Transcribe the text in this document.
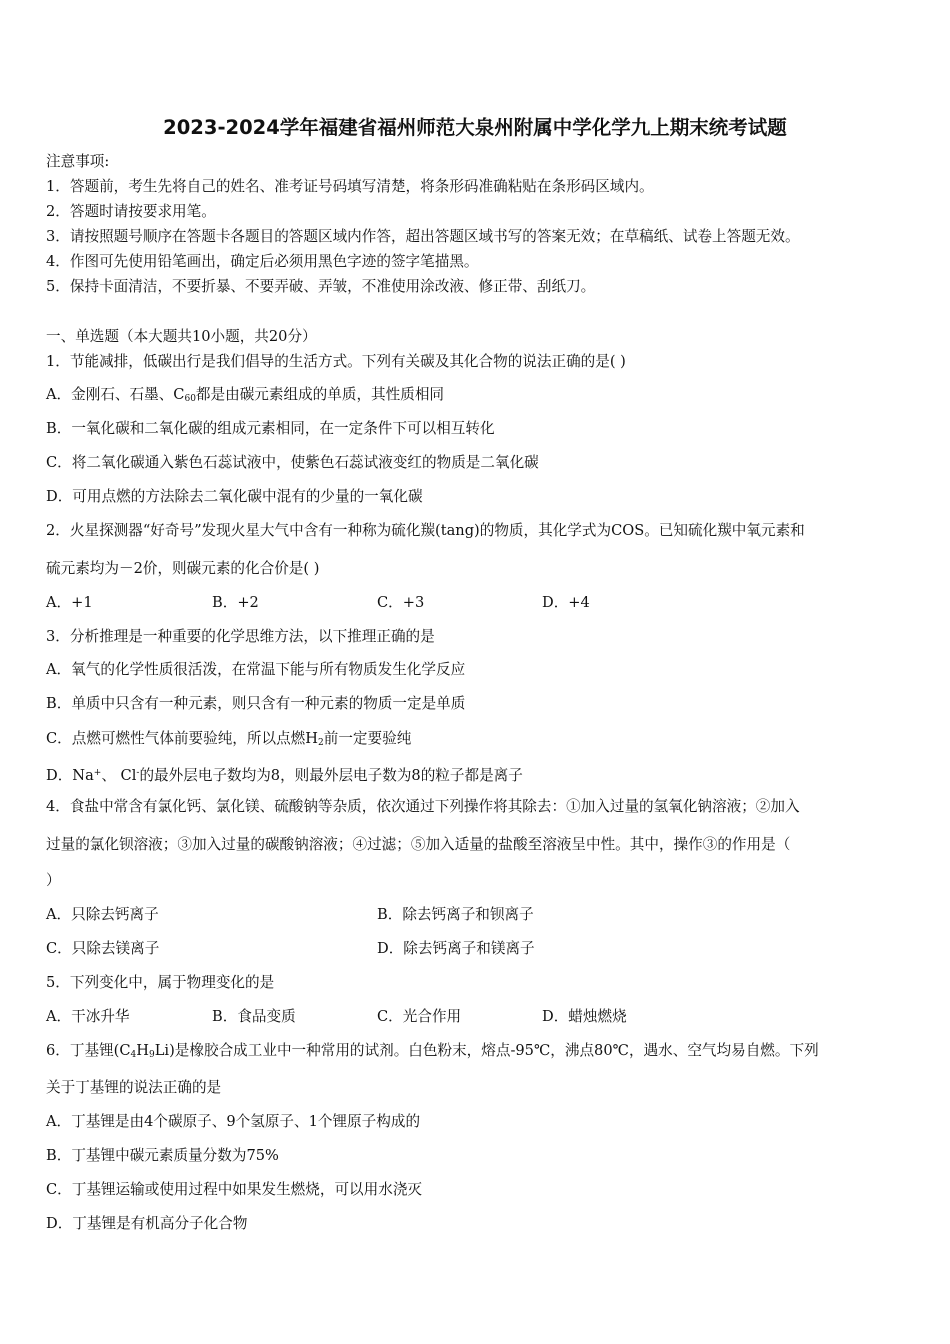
2023-2024学年福建省福州师范大泉州附属中学化学九上期末统考试题
注意事项:
1．答题前，考生先将自己的姓名、准考证号码填写清楚，将条形码准确粘贴在条形码区域内。
2．答题时请按要求用笔。
3．请按照题号顺序在答题卡各题目的答题区域内作答，超出答题区域书写的答案无效；在草稿纸、试卷上答题无效。
4．作图可先使用铅笔画出，确定后必须用黑色字迹的签字笔描黑。
5．保持卡面清洁，不要折暴、不要弄破、弄皱，不准使用涂改液、修正带、刮纸刀。
一、单选题（本大题共10小题，共20分）
1．节能减排，低碳出行是我们倡导的生活方式。下列有关碳及其化合物的说法正确的是( )
A．金刚石、石墨、$C_{60}$都是由碳元素组成的单质，其性质相同
B．一氧化碳和二氧化碳的组成元素相同，在一定条件下可以相互转化
C．将二氧化碳通入紫色石蕊试液中，使紫色石蕊试液变红的物质是二氧化碳
D．可用点燃的方法除去二氧化碳中混有的少量的一氧化碳
2．火星探测器“好奇号”发现火星大气中含有一种称为硫化羰(tang)的物质，其化学式为COS。已知硫化羰中氧元素和
硫元素均为－2价，则碳元素的化合价是( )
A．+1	B．+2	C．+3	D．+4
3．分析推理是一种重要的化学思维方法，以下推理正确的是
A．氧气的化学性质很活泼，在常温下能与所有物质发生化学反应
B．单质中只含有一种元素，则只含有一种元素的物质一定是单质
C．点燃可燃性气体前要验纯，所以点燃$H_2$前一定要验纯
D．Na+、 Cl-的最外层电子数均为8，则最外层电子数为8的粒子都是离子
4．食盐中常含有氯化钙、氯化镁、硫酸钠等杂质，依次通过下列操作将其除去：①加入过量的氢氧化钠溶液；②加入
过量的氯化钡溶液；③加入过量的碳酸钠溶液；④过滤；⑤加入适量的盐酸至溶液呈中性。其中，操作③的作用是（
）
A．只除去钙离子	B．除去钙离子和钡离子
C．只除去镁离子	D．除去钙离子和镁离子
5．下列变化中，属于物理变化的是
A．干冰升华	B．食品变质	C．光合作用	D．蜡烛燃烧
6．丁基锂$(C_4H_9Li)$是橡胶合成工业中一种常用的试剂。白色粉末，熔点-95℃，沸点80℃，遇水、空气均易自燃。下列
关于丁基锂的说法正确的是
A．丁基锂是由4个碳原子、9个氢原子、1个锂原子构成的
B．丁基锂中碳元素质量分数为75%
C．丁基锂运输或使用过程中如果发生燃烧，可以用水浇灭
D．丁基锂是有机高分子化合物
